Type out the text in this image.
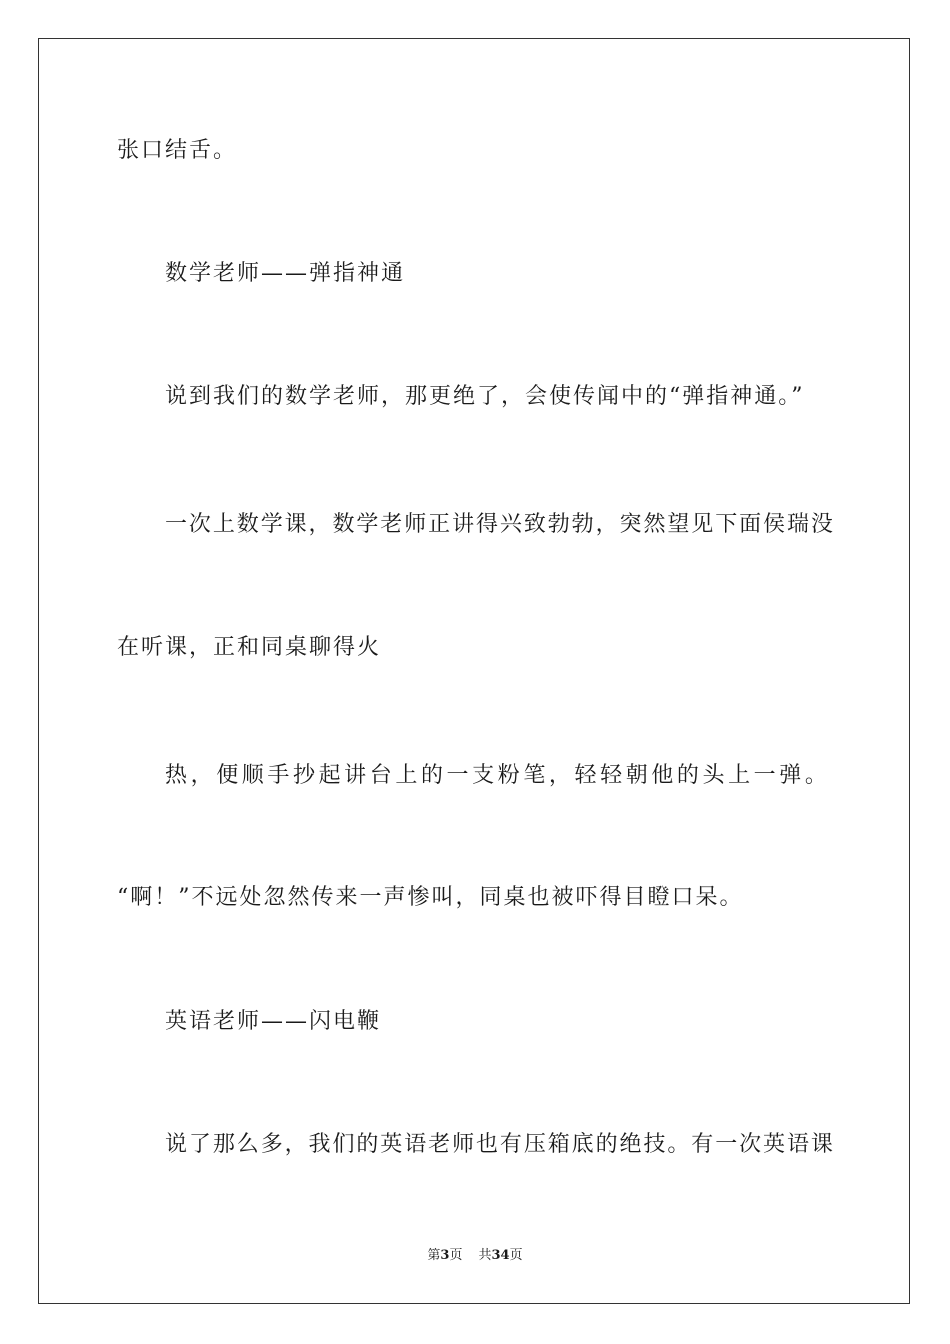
张口结舌。
数学老师——弹指神通
说到我们的数学老师，那更绝了，会使传闻中的“弹指神通。”
一 次 上 数 学 课 ， 数 学 老 师 正 讲 得 兴 致 勃 勃 ， 突 然 望 见 下 面 侯 瑞 没
在听课，正和同桌聊得火
热 ， 便 顺 手 抄 起 讲 台 上 的 一 支 粉 笔 ， 轻 轻 朝 他 的 头 上 一 弹 。
“啊！”不远处忽然传来一声惨叫，同桌也被吓得目瞪口呆。
英语老师——闪电鞭
说 了 那 么 多 ， 我 们 的 英 语 老 师 也 有 压 箱 底 的 绝 技 。 有 一 次 英 语 课
第3页 共34页
